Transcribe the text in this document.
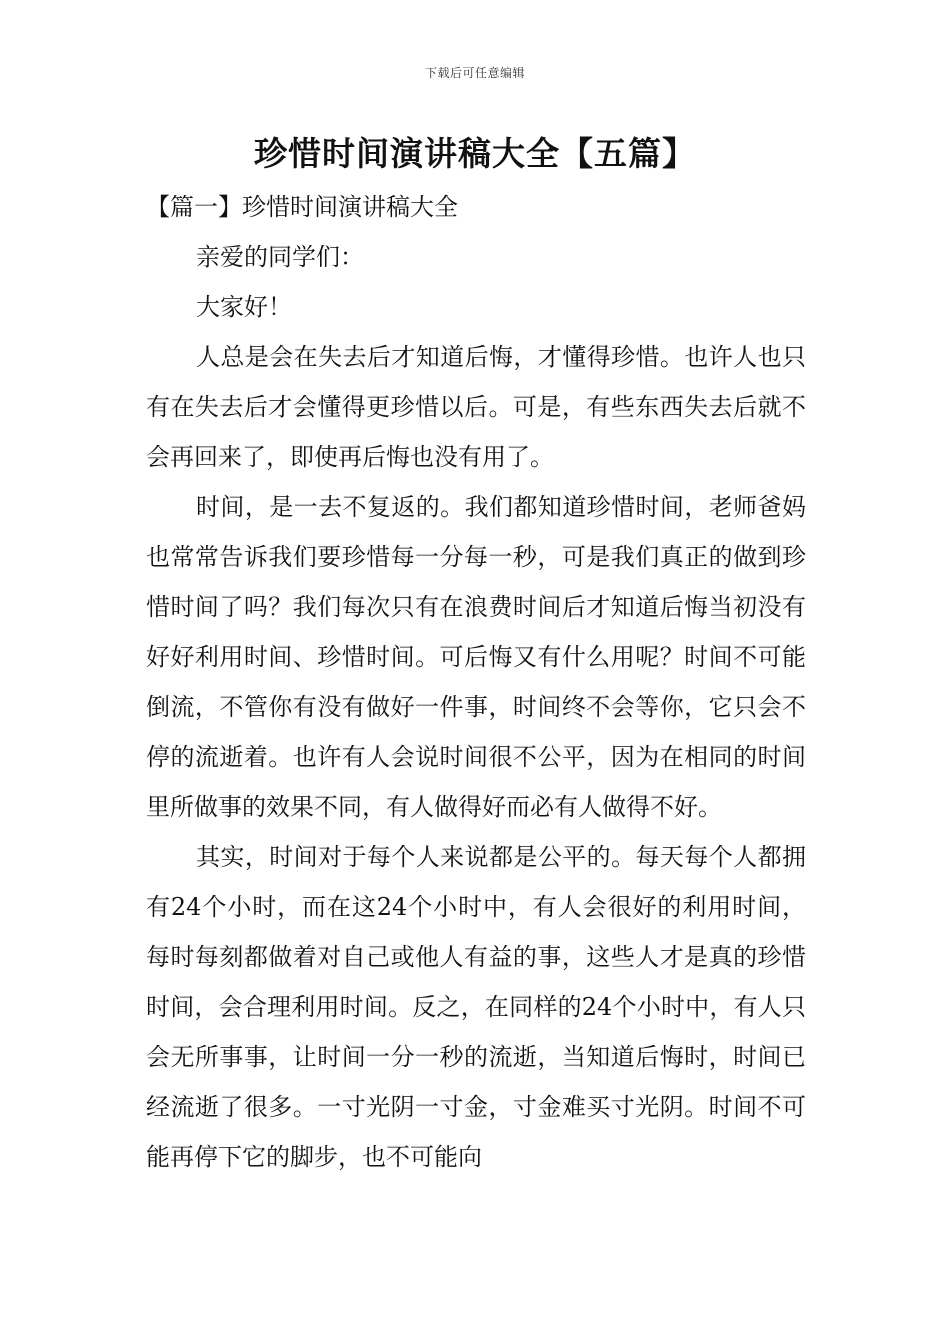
下载后可任意编辑
珍惜时间演讲稿大全【五篇】

【篇一】珍惜时间演讲稿大全

亲爱的同学们：

大家好！

人总是会在失去后才知道后悔，才懂得珍惜。也许人也只有在失去后才会懂得更珍惜以后。可是，有些东西失去后就不会再回来了，即使再后悔也没有用了。

时间，是一去不复返的。我们都知道珍惜时间，老师爸妈也常常告诉我们要珍惜每一分每一秒，可是我们真正的做到珍惜时间了吗？我们每次只有在浪费时间后才知道后悔当初没有好好利用时间、珍惜时间。可后悔又有什么用呢？时间不可能倒流，不管你有没有做好一件事，时间终不会等你，它只会不停的流逝着。也许有人会说时间很不公平，因为在相同的时间里所做事的效果不同，有人做得好而必有人做得不好。

其实，时间对于每个人来说都是公平的。每天每个人都拥有24个小时，而在这24个小时中，有人会很好的利用时间，每时每刻都做着对自己或他人有益的事，这些人才是真的珍惜时间，会合理利用时间。反之，在同样的24个小时中，有人只会无所事事，让时间一分一秒的流逝，当知道后悔时，时间已经流逝了很多。一寸光阴一寸金，寸金难买寸光阴。时间不可能再停下它的脚步，也不可能向
